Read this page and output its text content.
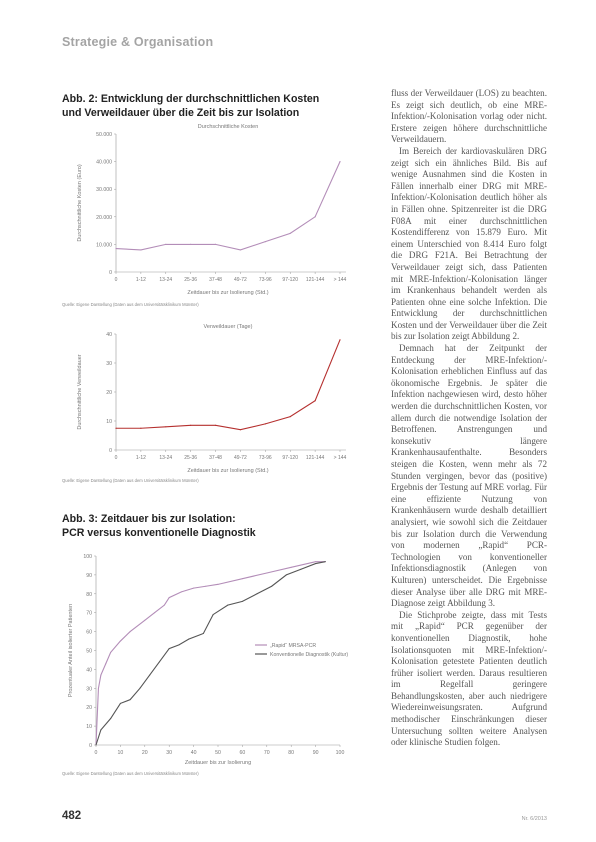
Strategie & Organisation
Abb. 2: Entwicklung der durchschnittlichen Kosten
und Verweildauer über die Zeit bis zur Isolation
Durchschnittliche Kosten
0
10.000
20.000
30.000
40.000
50.000
0	1-12	13-24 25-36 37-48 49-72 73-96 97-120 121-144 > 144
Zeitdauer bis zur Isolierung (Std.)
Durchschnittliche Kosten (Euro)
Quelle: Eigene Darstellung (Daten aus dem Universitätsklinikum Münster)
Verweildauer (Tage)
0
10
20
30
40
0	1-12	13-24 25-36 37-48 49-72 73-96 97-120 121-144 > 144
Zeitdauer bis zur Isolierung (Std.)
Durchschnittliche Verweildauer
Quelle: Eigene Darstellung (Daten aus dem Universitätsklinikum Münster)
Abb. 3: Zeitdauer bis zur Isolation:
PCR versus konventionelle Diagnostik
0
10
20
30
40
50
60
70
80
90
100
0	10	20	30	40	50	60	70	80	90	100
Zeitdauer bis zur Isolierung
Prozentualer Anteil isolierter Patienten	„Rapid“ MRSA-PCR
Konventionelle Diagnostik (Kultur)
Quelle: Eigene Darstellung (Daten aus dem Universitätsklinikum Münster)

fluss der Verweildauer (LOS) zu beachten. Es zeigt sich deutlich, ob eine MRE-Infektion/-Kolonisation vorlag oder nicht. Erstere zeigen höhere durchschnittliche Verweildauern.

Im Bereich der kardiovaskulären DRG zeigt sich ein ähnliches Bild. Bis auf wenige Ausnahmen sind die Kosten in Fällen innerhalb einer DRG mit MRE-Infektion/-Kolonisation deutlich höher als in Fällen ohne. Spitzenreiter ist die DRG F08A mit einer durchschnittlichen Kostendifferenz von 15.879 Euro. Mit einem Unterschied von 8.414 Euro folgt die DRG F21A. Bei Betrachtung der Verweildauer zeigt sich, dass Patienten mit MRE-Infektion/-Kolonisation länger im Krankenhaus behandelt werden als Patienten ohne eine solche Infektion. Die Entwicklung der durchschnittlichen Kosten und der Verweildauer über die Zeit bis zur Isolation zeigt Abbildung 2.

Demnach hat der Zeitpunkt der Entdeckung der MRE-Infektion/-Kolonisation erheblichen Einfluss auf das ökonomische Ergebnis. Je später die Infektion nachgewiesen wird, desto höher werden die durchschnittlichen Kosten, vor allem durch die notwendige Isolation der Betroffenen. Anstrengungen und konsekutiv längere Krankenhausaufenthalte. Besonders steigen die Kosten, wenn mehr als 72 Stunden vergingen, bevor das (positive) Ergebnis der Testung auf MRE vorlag. Für eine effiziente Nutzung von Krankenhäusern wurde deshalb detailliert analysiert, wie sowohl sich die Zeitdauer bis zur Isolation durch die Verwendung von modernen „Rapid“ PCR-Technologien von konventioneller Infektionsdiagnostik (Anlegen von Kulturen) unterscheidet. Die Ergebnisse dieser Analyse über alle DRG mit MRE-Diagnose zeigt Abbildung 3.

Die Stichprobe zeigte, dass mit Tests mit „Rapid“ PCR gegenüber der konventionellen Diagnostik, hohe Isolationsquoten mit MRE-Infektion/-Kolonisation getestete Patienten deutlich früher isoliert werden. Daraus resultieren im Regelfall geringere Behandlungskosten, aber auch niedrigere Wiedereinweisungsraten. Aufgrund methodischer Einschränkungen dieser Untersuchung sollten weitere Analysen oder klinische Studien folgen.

482	Nr. 6/2013
